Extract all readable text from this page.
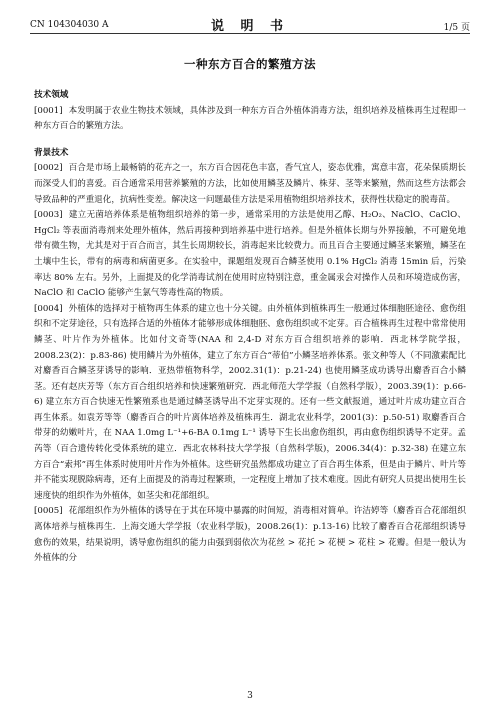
CN 104304030 A	说 明 书	1/5 页
一种东方百合的繁殖方法

技术领域

[0001] 本发明属于农业生物技术领域，具体涉及到一种东方百合外植体消毒方法，组织培养及植株再生过程即一种东方百合的繁殖方法。

背景技术

[0002] 百合是市场上最畅销的花卉之一，东方百合因花色丰富，香气宜人，姿态优雅，寓意丰富，花朵保质期长而深受人们的喜爱。百合通常采用营养繁殖的方法，比如使用鳞茎及鳞片、株芽、茎等来繁殖，然而这些方法都会导致品种的严重退化，抗病性变差。解决这一问题最佳方法是采用植物组织培养技术，获得性状稳定的脱毒苗。

[0003] 建立无菌培养体系是植物组织培养的第一步，通常采用的方法是使用乙醇、H₂O₂、NaClO、CaClO、HgCl₂ 等表面消毒剂来处理外植体，然后再接种到培养基中进行培养。但是外植体长期与外界接触，不可避免地带有微生物，尤其是对于百合而言，其生长周期较长，消毒起来比较费力。而且百合主要通过鳞茎来繁殖，鳞茎在土壤中生长，带有的病毒和病菌更多。在实验中，课题组发现百合鳞茎使用 0.1% HgCl₂ 消毒 15min 后，污染率达 80% 左右。另外，上面提及的化学消毒试剂在使用时应特别注意，重金属汞会对操作人员和环境造成伤害，NaClO 和 CaClO 能够产生氯气等毒性高的物质。

[0004] 外植体的选择对于植物再生体系的建立也十分关键。由外植体到植株再生一般通过体细胞胚途径、愈伤组织和不定芽途径，只有选择合适的外植体才能够形成体细胞胚、愈伤组织或不定芽。百合植株再生过程中常常使用鳞茎、叶片作为外植体。比如付文奇等(NAA 和 2,4-D 对东方百合组织培养的影响．西北林学院学报，2008.23(2)：p.83-86) 使用鳞片为外植体，建立了东方百合“蒂伯”小鳞茎培养体系。张文种等人（不同激素配比对麝香百合鳞茎芽诱导的影响．亚热带植物科学，2002.31(1)：p.21-24) 也使用鳞茎成功诱导出麝香百合小鳞茎。还有赵庆芳等（东方百合组织培养和快速繁殖研究．西北师范大学学报（自然科学版），2003.39(1)：p.66-6) 建立东方百合快速无性繁殖系也是通过鳞茎诱导出不定芽实现的。还有一些文献报道，通过叶片成功建立百合再生体系。如袁芳等等（麝香百合的叶片离体培养及植株再生．湖北农业科学，2001(3)：p.50-51) 取麝香百合带芽的幼嫩叶片，在 NAA 1.0mg L⁻¹+6-BA 0.1mg L⁻¹ 诱导下生长出愈伤组织，再由愈伤组织诱导不定芽。孟芮等（百合遗传转化受体系统的建立．西北农林科技大学学报（自然科学版)，2006.34(4)：p.32-38) 在建立东方百合“索邦”再生体系时使用叶片作为外植体。这些研究虽然都成功建立了百合再生体系，但是由于鳞片、叶片等并不能实现脱除病毒，还有上面提及的消毒过程繁琐，一定程度上增加了技术难度。因此有研究人员提出使用生长速度快的组织作为外植体，如茎尖和花部组织。

[0005] 花部组织作为外植体的诱导在于其在环境中暴露的时间短，消毒相对简单。许洁婷等（麝香百合花部组织离体培养与植株再生．上海交通大学学报（农业科学版)，2008.26(1)：p.13-16) 比较了麝香百合花部组织诱导愈伤的效果，结果说明，诱导愈伤组织的能力由强到弱依次为花丝 > 花托 > 花梗 > 花柱 > 花瓣。但是一般认为外植体的分

3
